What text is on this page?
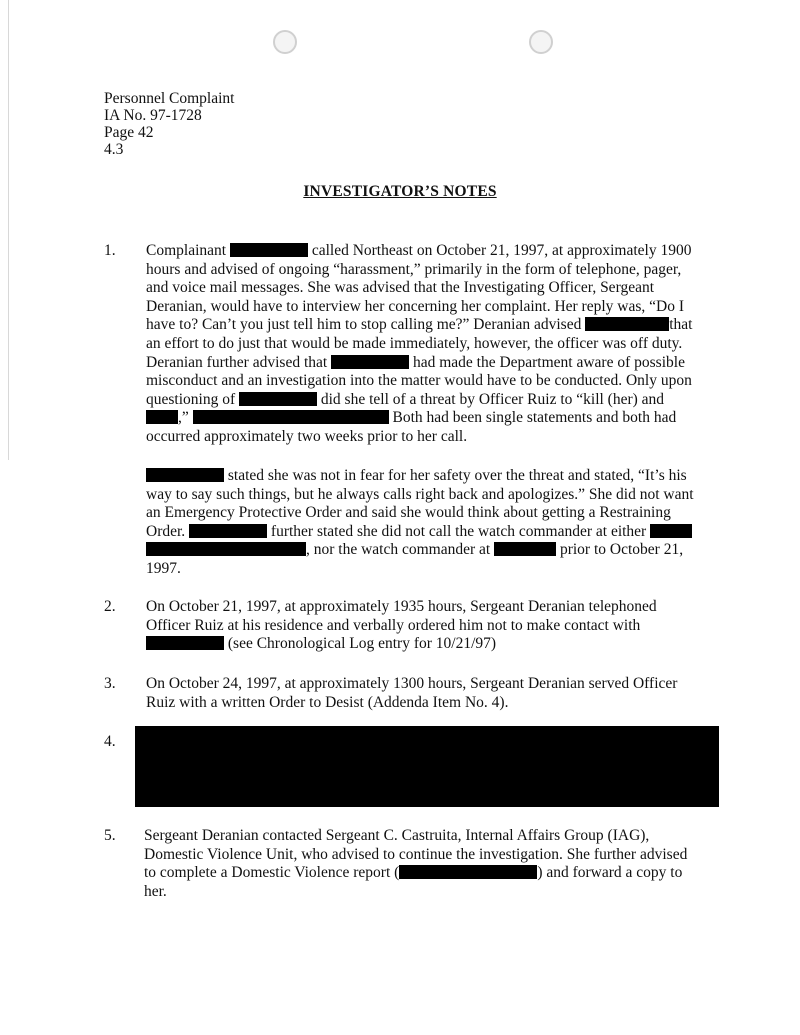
Personnel Complaint
IA No. 97-1728
Page 42
4.3
INVESTIGATOR’S NOTES
1. Complainant	called Northeast on October 21, 1997, at approximately 1900
hours and advised of ongoing “harassment,” primarily in the form of telephone, pager,
and voice mail messages. She was advised that the Investigating Officer, Sergeant
Deranian, would have to interview her concerning her complaint. Her reply was, “Do I
have to? Can’t you just tell him to stop calling me?” Deranian advised	that
an effort to do just that would be made immediately, however, the officer was off duty.
Deranian further advised that	had made the Department aware of possible
misconduct and an investigation into the matter would have to be conducted. Only upon
questioning of	did she tell of a threat by Officer Ruiz to “kill (her) and
,”	Both had been single statements and both had
occurred approximately two weeks prior to her call.
stated she was not in fear for her safety over the threat and stated, “It’s his
way to say such things, but he always calls right back and apologizes.” She did not want
an Emergency Protective Order and said she would think about getting a Restraining
Order.	further stated she did not call the watch commander at either
, nor the watch commander at	prior to October 21,
1997.
2. On October 21, 1997, at approximately 1935 hours, Sergeant Deranian telephoned
Officer Ruiz at his residence and verbally ordered him not to make contact with
(see Chronological Log entry for 10/21/97)
3. On October 24, 1997, at approximately 1300 hours, Sergeant Deranian served Officer
Ruiz with a written Order to Desist (Addenda Item No. 4).
4.
5. Sergeant Deranian contacted Sergeant C. Castruita, Internal Affairs Group (IAG),
Domestic Violence Unit, who advised to continue the investigation. She further advised
to complete a Domestic Violence report (	) and forward a copy to
her.
